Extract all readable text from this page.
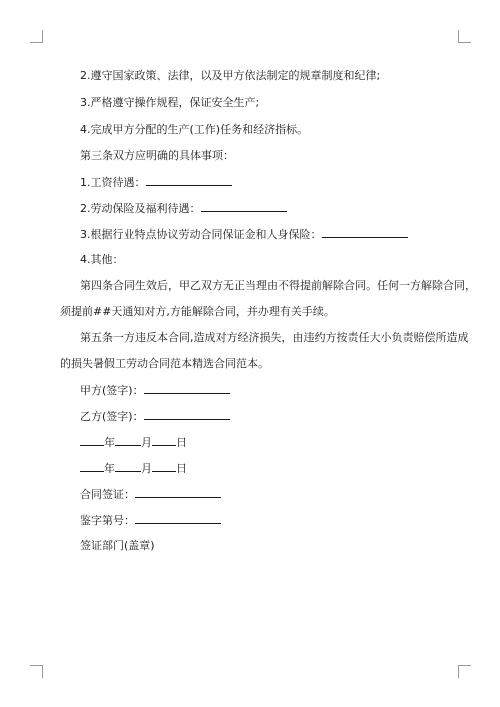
2.遵守国家政策、法律，以及甲方依法制定的规章制度和纪律;
3.严格遵守操作规程，保证安全生产;
4.完成甲方分配的生产(工作)任务和经济指标。
第三条双方应明确的具体事项：
1.工资待遇：
2.劳动保险及福利待遇：
3.根据行业特点协议劳动合同保证金和人身保险：
4.其他：
第四条合同生效后，甲乙双方无正当理由不得提前解除合同。任何一方解除合同，
须提前##天通知对方,方能解除合同，并办理有关手续。
第五条一方违反本合同,造成对方经济损失，由违约方按责任大小负责赔偿所造成
的损失暑假工劳动合同范本精选合同范本。
甲方(签字)：
乙方(签字)：
年 月 日
年 月 日
合同签证：
鉴字第号：
签证部门(盖章)
